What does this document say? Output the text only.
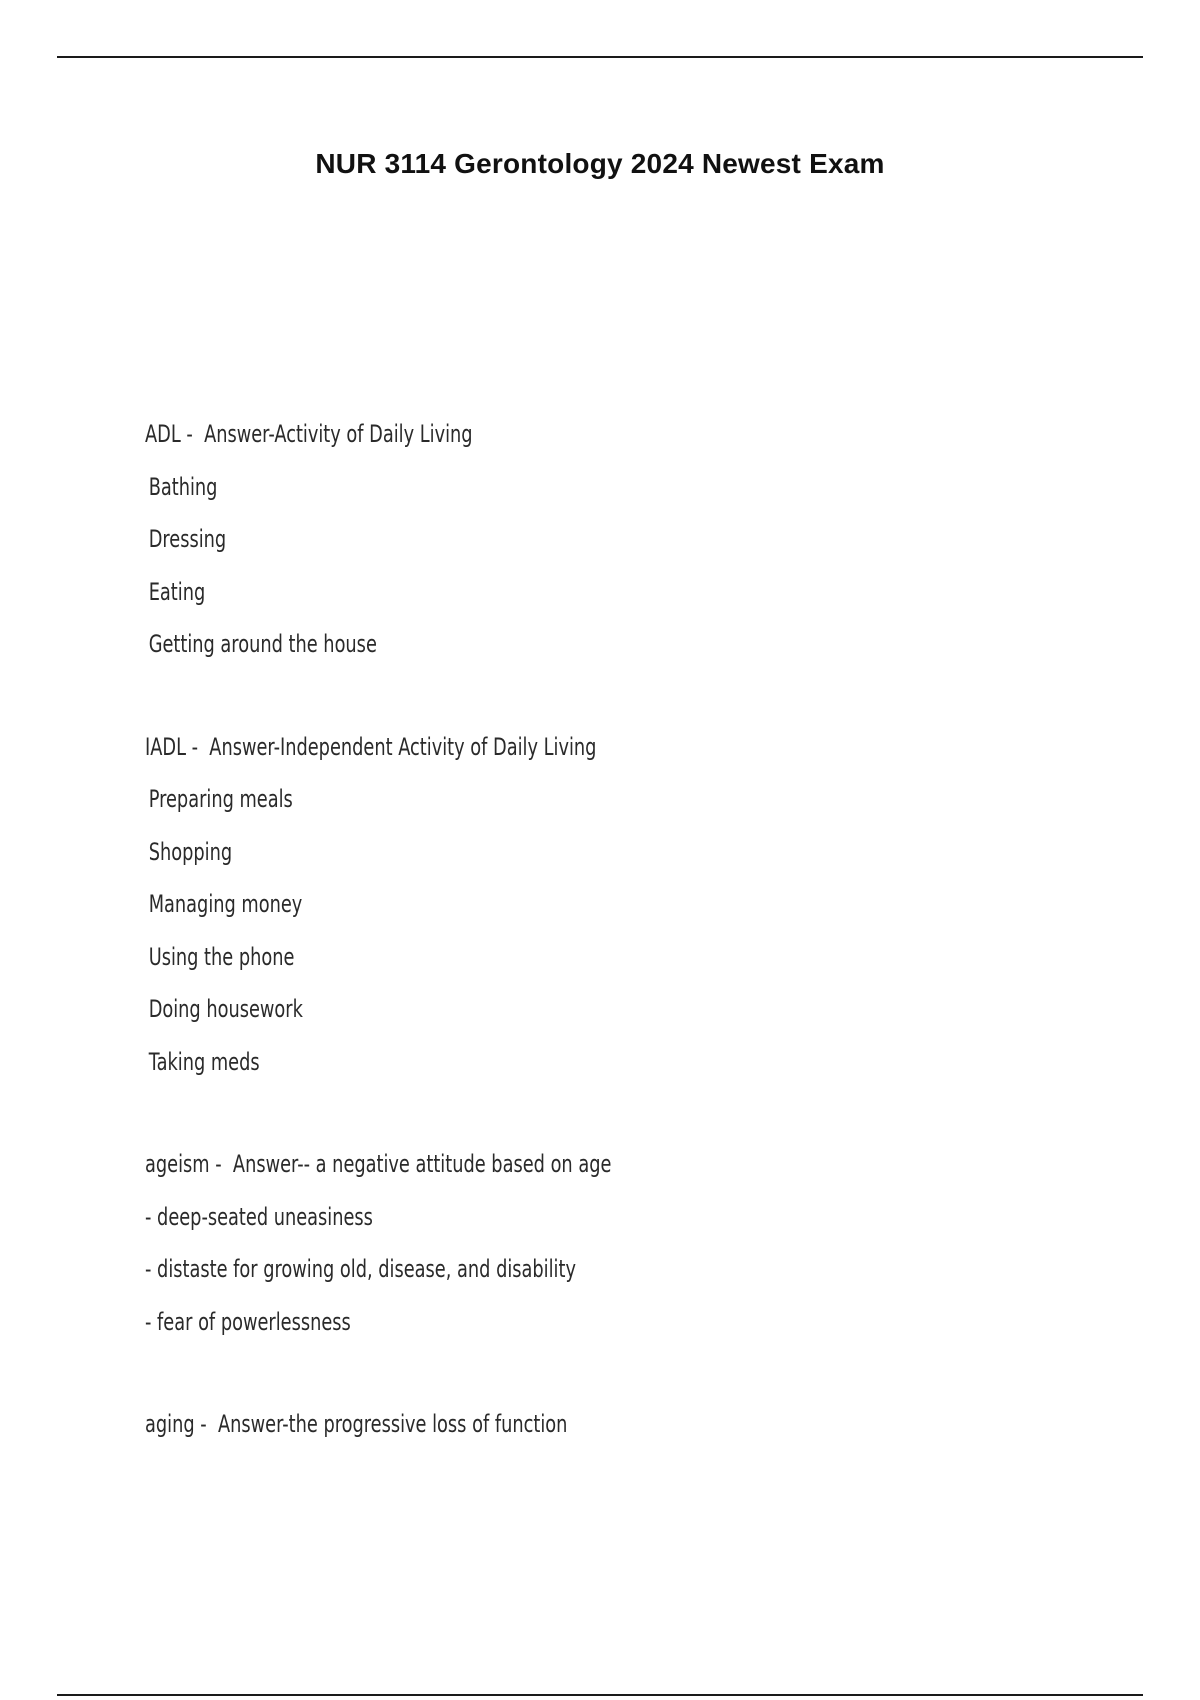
NUR 3114 Gerontology 2024 Newest Exam
ADL -  Answer-Activity of Daily Living
Bathing
Dressing
Eating
Getting around the house
IADL -  Answer-Independent Activity of Daily Living
Preparing meals
Shopping
Managing money
Using the phone
Doing housework
Taking meds
ageism -  Answer-- a negative attitude based on age
- deep-seated uneasiness
- distaste for growing old, disease, and disability
- fear of powerlessness
aging -  Answer-the progressive loss of function
